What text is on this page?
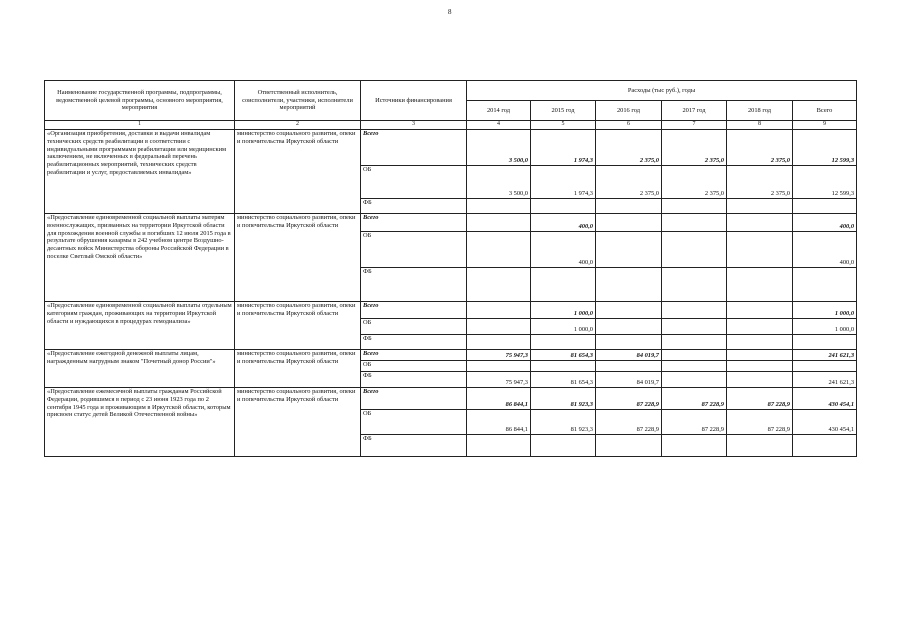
8
Наименование государственной программы, подпрограммы, ведомственной целевой программы, основного мероприятия, мероприятия	Ответственный исполнитель, соисполнители, участники, исполнители мероприятий	Источники финансирования	Расходы (тыс руб.), годы					
			2014 год	2015 год	2016 год	2017 год	2018 год	Всего
1	2	3	4	5	6	7	8	9
«Организация приобретения, доставки и выдачи инвалидам технических средств реабилитации в соответствии с индивидуальными программами реабилитации или медицинским заключением, не включенных в федеральный перечень реабилитационных мероприятий, технических средств реабилитации и услуг, предоставляемых инвалидам»	министерство социального развития, опеки и попечительства Иркутской области	Всего	3 500,0	1 974,3	2 375,0	2 375,0	2 375,0	12 599,3
		ОБ	3 500,0	1 974,3	2 375,0	2 375,0	2 375,0	12 599,3
		ФБ						
«Предоставление единовременной социальной выплаты матерям военнослужащих, призванных на территории Иркутской области для прохождения военной службы и погибших 12 июля 2015 года в результате обрушения казармы в 242 учебном центре Воздушно-десантных войск Министерства обороны Российской Федерации в поселке Светлый Омской области»	министерство социального развития, опеки и попечительства Иркутской области	Всего		400,0				400,0
		ОБ		400,0				400,0
		ФБ						
«Предоставление единовременной социальной выплаты отдельным категориям граждан, проживающих на территории Иркутской области и нуждающихся в процедурах гемодиализа»	министерство социального развития, опеки и попечительства Иркутской области	Всего		1 000,0				1 000,0
		ОБ		1 000,0				1 000,0
		ФБ						
«Предоставление ежегодной денежной выплаты лицам, награжденным нагрудным знаком "Почетный донор России"»	министерство социального развития, опеки и попечительства Иркутской области	Всего	75 947,3	81 654,3	84 019,7			241 621,3
		ОБ						
		ФБ	75 947,3	81 654,3	84 019,7			241 621,3
«Предоставление ежемесячной выплаты гражданам Российской Федерации, родившимся в период с 23 июня 1923 года по 2 сентября 1945 года и проживающим в Иркутской области, которым присвоен статус детей Великой Отечественной войны»	министерство социального развития, опеки и попечительства Иркутской области	Всего	86 844,1	81 923,3	87 228,9	87 228,9	87 228,9	430 454,1
		ОБ	86 844,1	81 923,3	87 228,9	87 228,9	87 228,9	430 454,1
		ФБ						
